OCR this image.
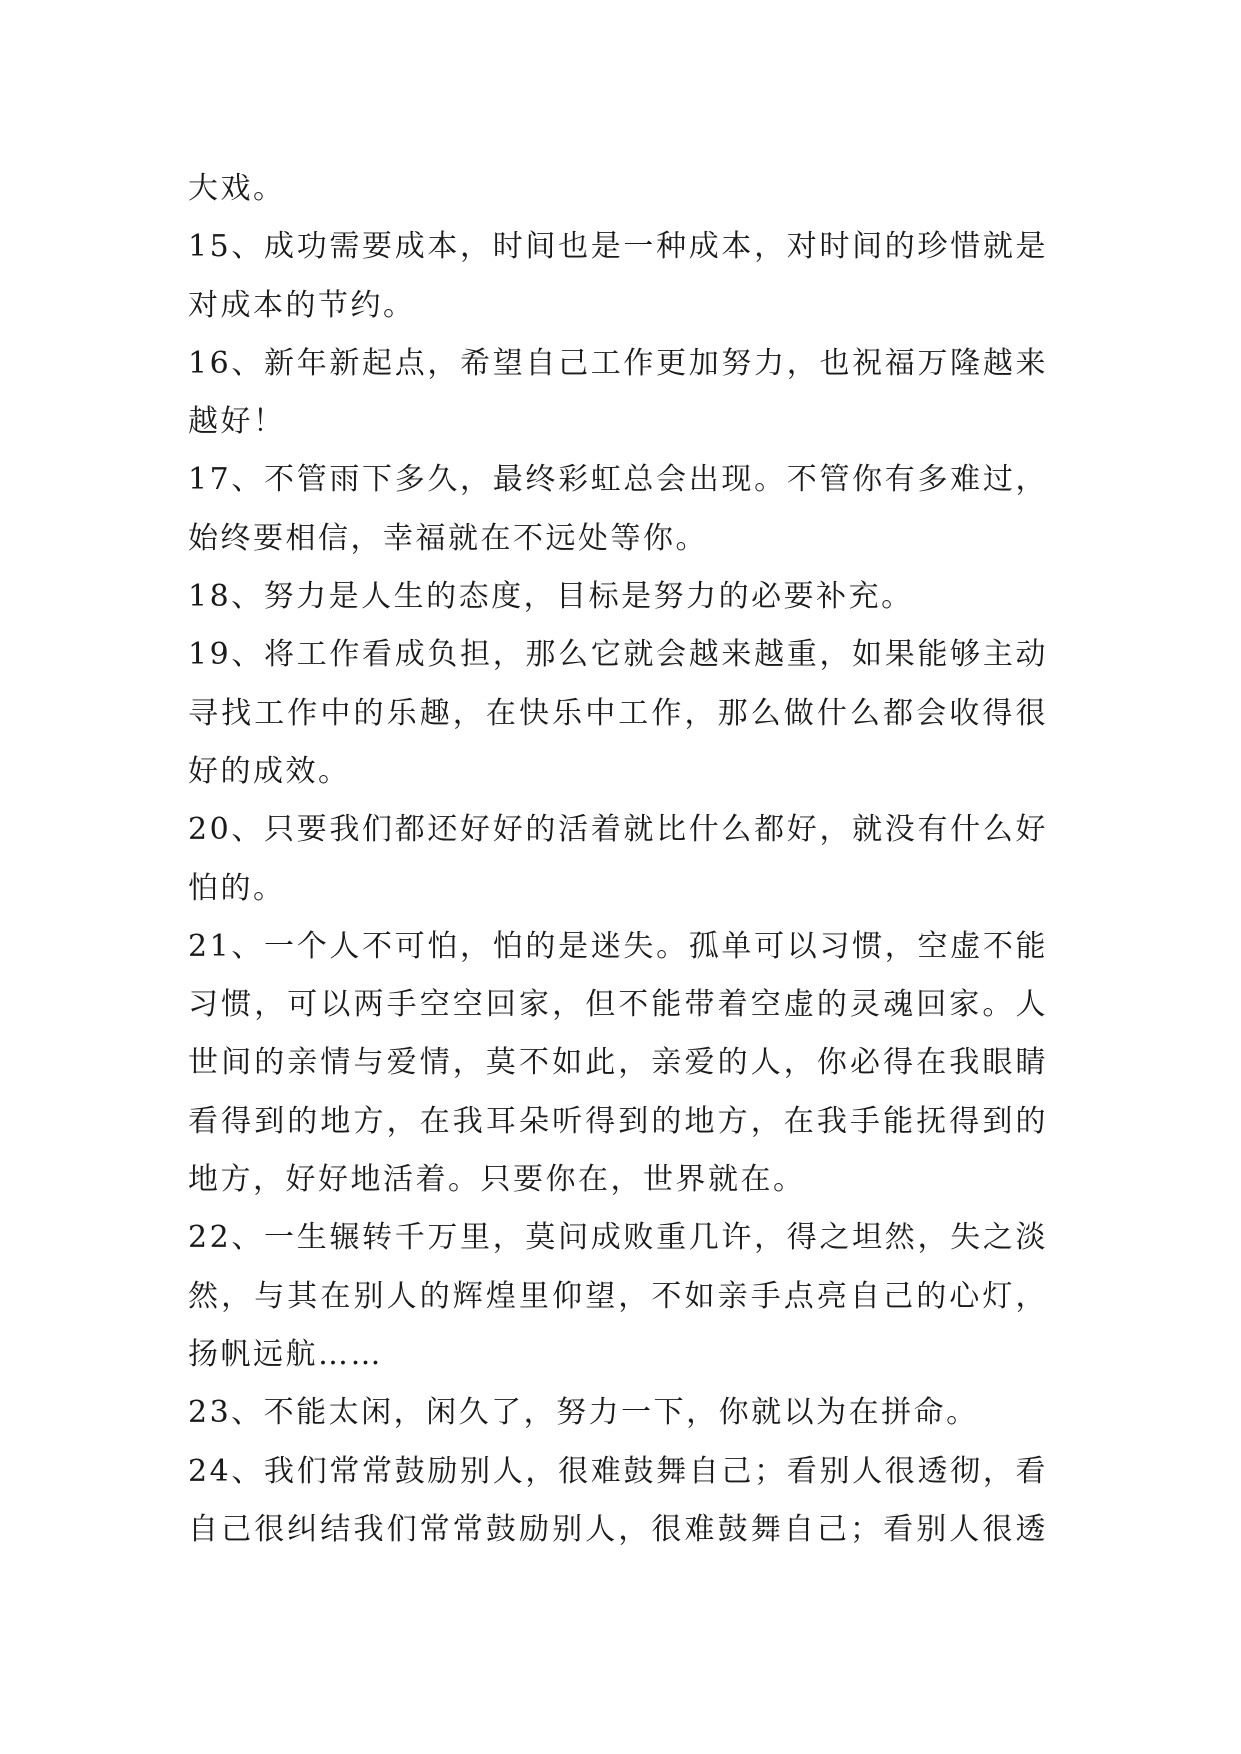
大戏。
15、成功需要成本，时间也是一种成本，对时间的珍惜就是
对成本的节约。
16、新年新起点，希望自己工作更加努力，也祝福万隆越来
越好！
17、不管雨下多久，最终彩虹总会出现。不管你有多难过，
始终要相信，幸福就在不远处等你。
18、努力是人生的态度，目标是努力的必要补充。
19、将工作看成负担，那么它就会越来越重，如果能够主动
寻找工作中的乐趣，在快乐中工作，那么做什么都会收得很
好的成效。
20、只要我们都还好好的活着就比什么都好，就没有什么好
怕的。
21、一个人不可怕，怕的是迷失。孤单可以习惯，空虚不能
习惯，可以两手空空回家，但不能带着空虚的灵魂回家。人
世间的亲情与爱情，莫不如此，亲爱的人，你必得在我眼睛
看得到的地方，在我耳朵听得到的地方，在我手能抚得到的
地方，好好地活着。只要你在，世界就在。
22、一生辗转千万里，莫问成败重几许，得之坦然，失之淡
然，与其在别人的辉煌里仰望，不如亲手点亮自己的心灯，
扬帆远航……
23、不能太闲，闲久了，努力一下，你就以为在拼命。
24、我们常常鼓励别人，很难鼓舞自己；看别人很透彻，看
自己很纠结我们常常鼓励别人，很难鼓舞自己；看别人很透
